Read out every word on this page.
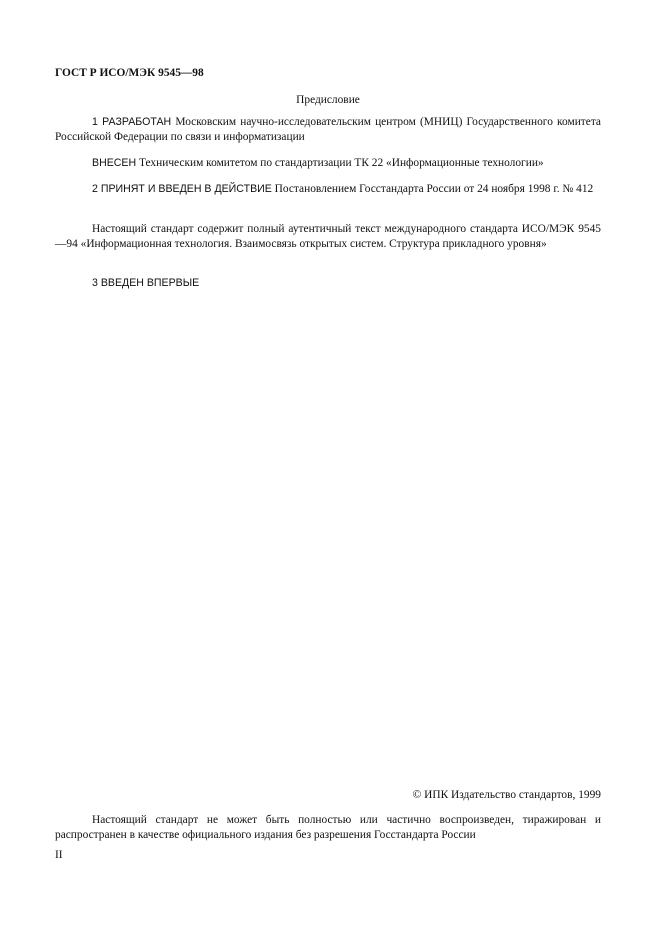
ГОСТ Р ИСО/МЭК 9545—98
Предисловие
1 РАЗРАБОТАН Московским научно-исследовательским центром (МНИЦ) Государственного комитета Российской Федерации по связи и информатизации
ВНЕСЕН Техническим комитетом по стандартизации ТК 22 «Информационные технологии»
2 ПРИНЯТ И ВВЕДЕН В ДЕЙСТВИЕ Постановлением Госстандарта России от 24 ноября 1998 г. № 412
Настоящий стандарт содержит полный аутентичный текст международного стандарта ИСО/МЭК 9545—94 «Информационная технология. Взаимосвязь открытых систем. Структура прикладного уровня»
3 ВВЕДЕН ВПЕРВЫЕ
© ИПК Издательство стандартов, 1999
Настоящий стандарт не может быть полностью или частично воспроизведен, тиражирован и распространен в качестве официального издания без разрешения Госстандарта России
II
